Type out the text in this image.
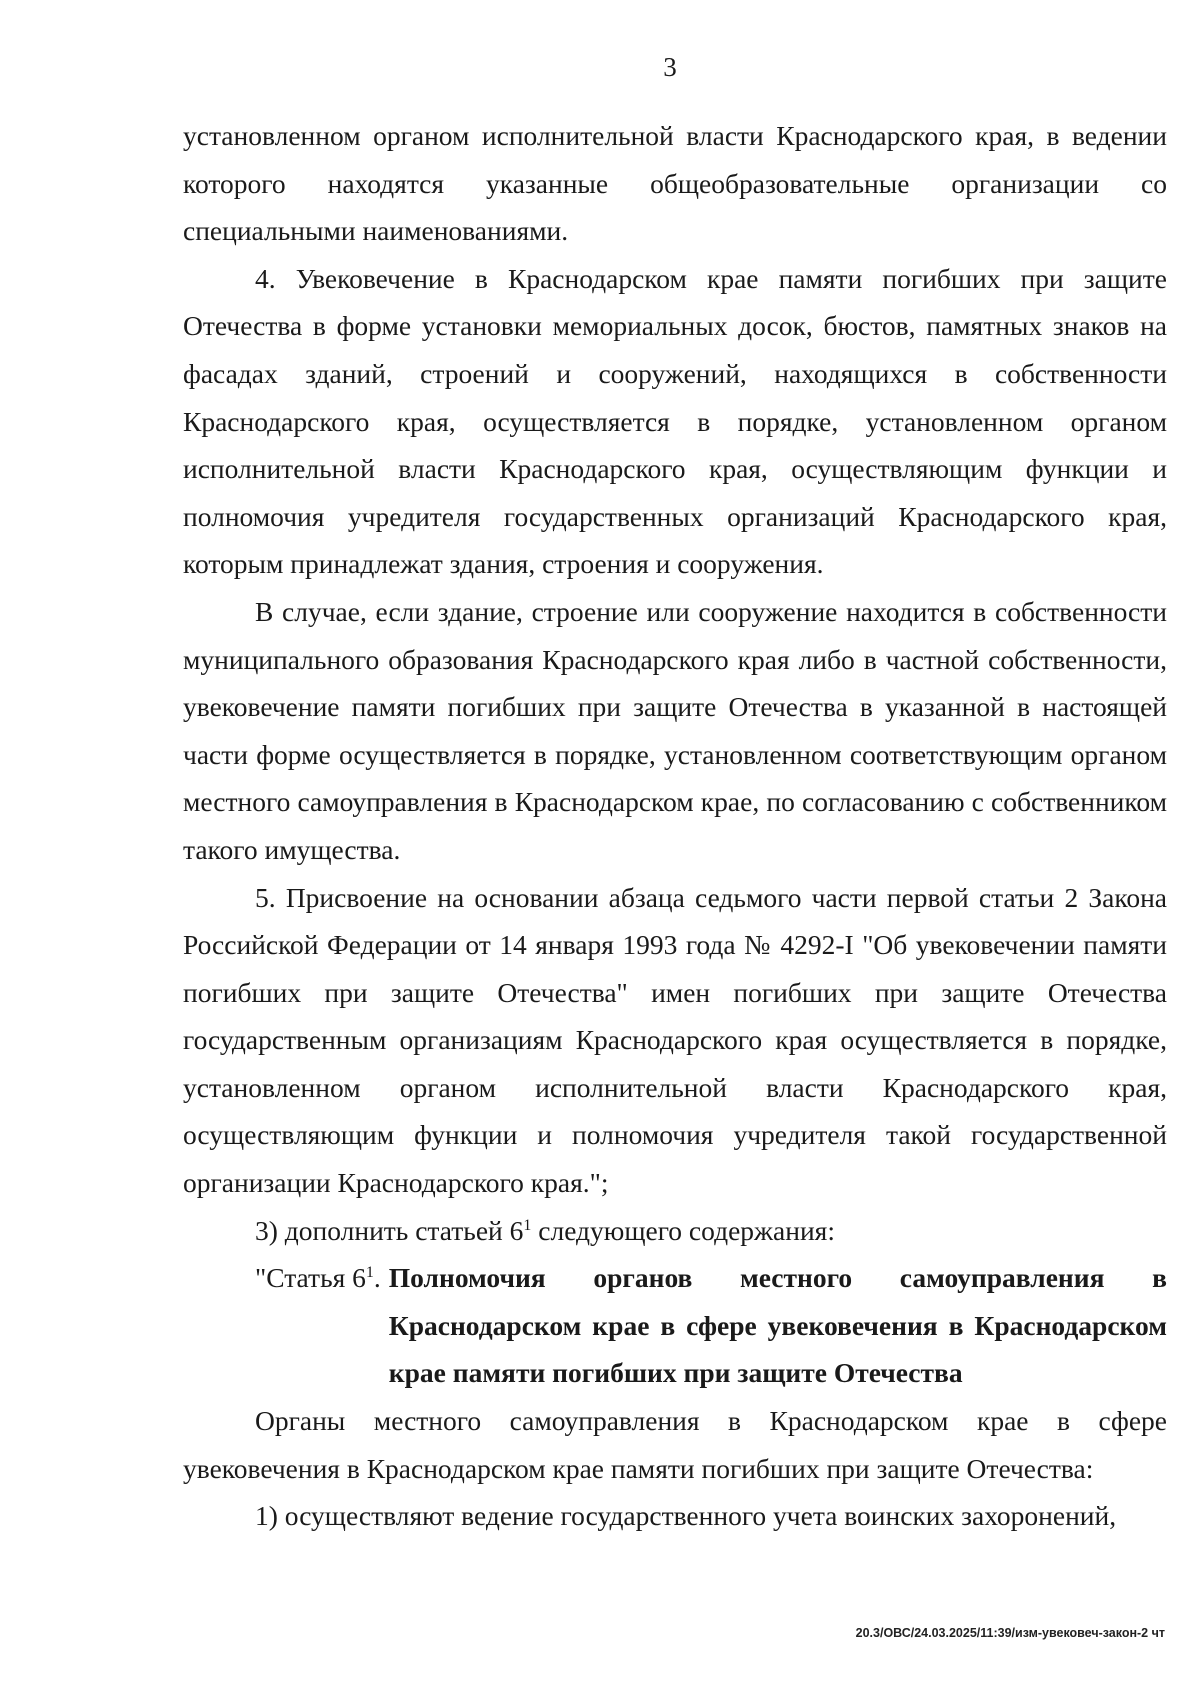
3

установленном органом исполнительной власти Краснодарского края, в ведении которого находятся указанные общеобразовательные организации со специальными наименованиями.

4. Увековечение в Краснодарском крае памяти погибших при защите Отечества в форме установки мемориальных досок, бюстов, памятных знаков на фасадах зданий, строений и сооружений, находящихся в собственности Краснодарского края, осуществляется в порядке, установленном органом исполнительной власти Краснодарского края, осуществляющим функции и полномочия учредителя государственных организаций Краснодарского края, которым принадлежат здания, строения и сооружения.

В случае, если здание, строение или сооружение находится в собственности муниципального образования Краснодарского края либо в частной собственности, увековечение памяти погибших при защите Отечества в указанной в настоящей части форме осуществляется в порядке, установленном соответствующим органом местного самоуправления в Краснодарском крае, по согласованию с собственником такого имущества.

5. Присвоение на основании абзаца седьмого части первой статьи 2 Закона Российской Федерации от 14 января 1993 года № 4292-I "Об увековечении памяти погибших при защите Отечества" имен погибших при защите Отечества государственным организациям Краснодарского края осуществляется в порядке, установленном органом исполнительной власти Краснодарского края, осуществляющим функции и полномочия учредителя такой государственной организации Краснодарского края.";

3) дополнить статьей $6^1$ следующего содержания:

"Статья $6^1$. Полномочия органов местного самоуправления в Краснодарском крае в сфере увековечения в Краснодарском крае памяти погибших при защите Отечества

Органы местного самоуправления в Краснодарском крае в сфере увековечения в Краснодарском крае памяти погибших при защите Отечества:

1) осуществляют ведение государственного учета воинских захоронений,

20.3/ОВС/24.03.2025/11:39/изм-увековеч-закон-2 чт
